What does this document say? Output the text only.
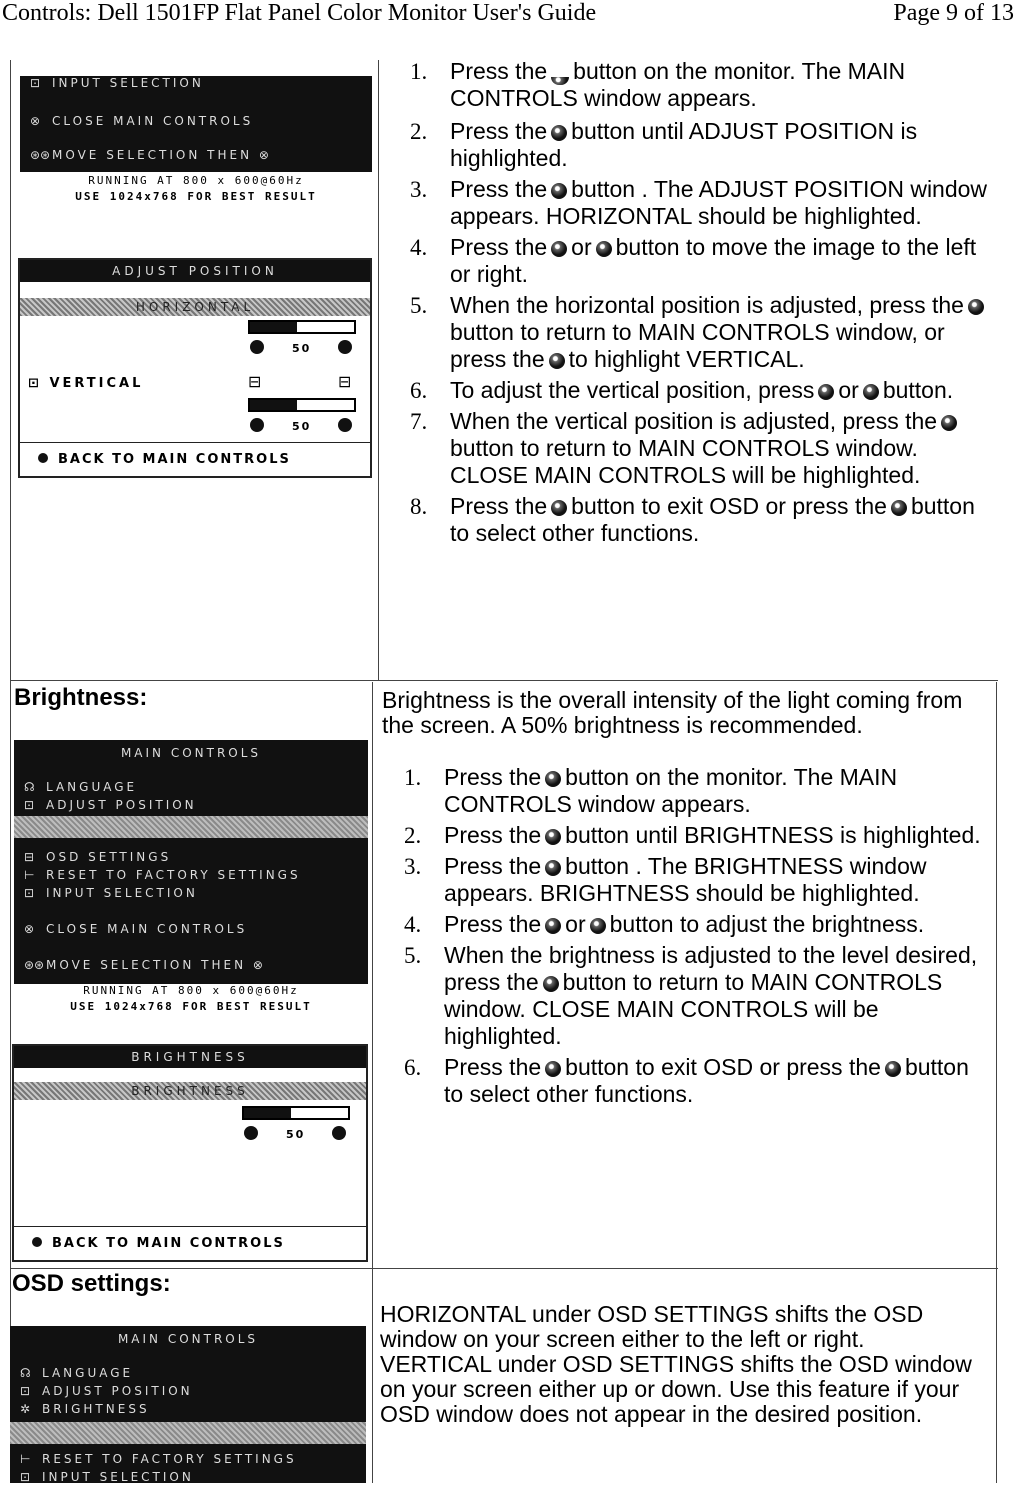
Controls: Dell 1501FP Flat Panel Color Monitor User's Guide	Page 9 of 13
⊡ INPUT SELECTION
⊗ CLOSE MAIN CONTROLS
⊛⊛ MOVE SELECTION THEN ⊗
RUNNING AT 800 x 600@60Hz
USE 1024x768 FOR BEST RESULT
ADJUST POSITION
HORIZONTAL
50
⊡ VERTICAL	⊟	⊟
50
BACK TO MAIN CONTROLS
1. Press the button on the monitor. The MAIN CONTROLS window appears.
2. Press the button until ADJUST POSITION is highlighted.
3. Press the button . The ADJUST POSITION window appears. HORIZONTAL should be highlighted.
4. Press the or button to move the image to the left or right.
5. When the horizontal position is adjusted, press thebutton to return to MAIN CONTROLS window, or press the to highlight VERTICAL.
6. To adjust the vertical position, press or button.
7. When the vertical position is adjusted, press thebutton to return to MAIN CONTROLS window. CLOSE MAIN CONTROLS will be highlighted.
8. Press the button to exit OSD or press the button to select other functions.
Brightness:
MAIN CONTROLS
☊ LANGUAGE
⊡ ADJUST POSITION
⊟ OSD SETTINGS
⊢ RESET TO FACTORY SETTINGS
⊡ INPUT SELECTION
⊗ CLOSE MAIN CONTROLS
⊛⊛ MOVE SELECTION THEN ⊗
RUNNING AT 800 x 600@60Hz
USE 1024x768 FOR BEST RESULT
BRIGHTNESS
BRIGHTNESS
50
BACK TO MAIN CONTROLS
Brightness is the overall intensity of the light coming from the screen. A 50% brightness is recommended.
1. Press the button on the monitor. The MAIN CONTROLS window appears.
2. Press the button until BRIGHTNESS is highlighted.
3. Press the button . The BRIGHTNESS window appears. BRIGHTNESS should be highlighted.
4. Press the or button to adjust the brightness.
5. When the brightness is adjusted to the level desired, press the button to return to MAIN CONTROLS window. CLOSE MAIN CONTROLS will be highlighted.
6. Press the button to exit OSD or press the button to select other functions.
OSD settings:
MAIN CONTROLS
☊ LANGUAGE
⊡ ADJUST POSITION
✲ BRIGHTNESS
⊢ RESET TO FACTORY SETTINGS
⊡ INPUT SELECTION
HORIZONTAL under OSD SETTINGS shifts the OSD window on your screen either to the left or right. VERTICAL under OSD SETTINGS shifts the OSD window on your screen either up or down. Use this feature if your OSD window does not appear in the desired position.
